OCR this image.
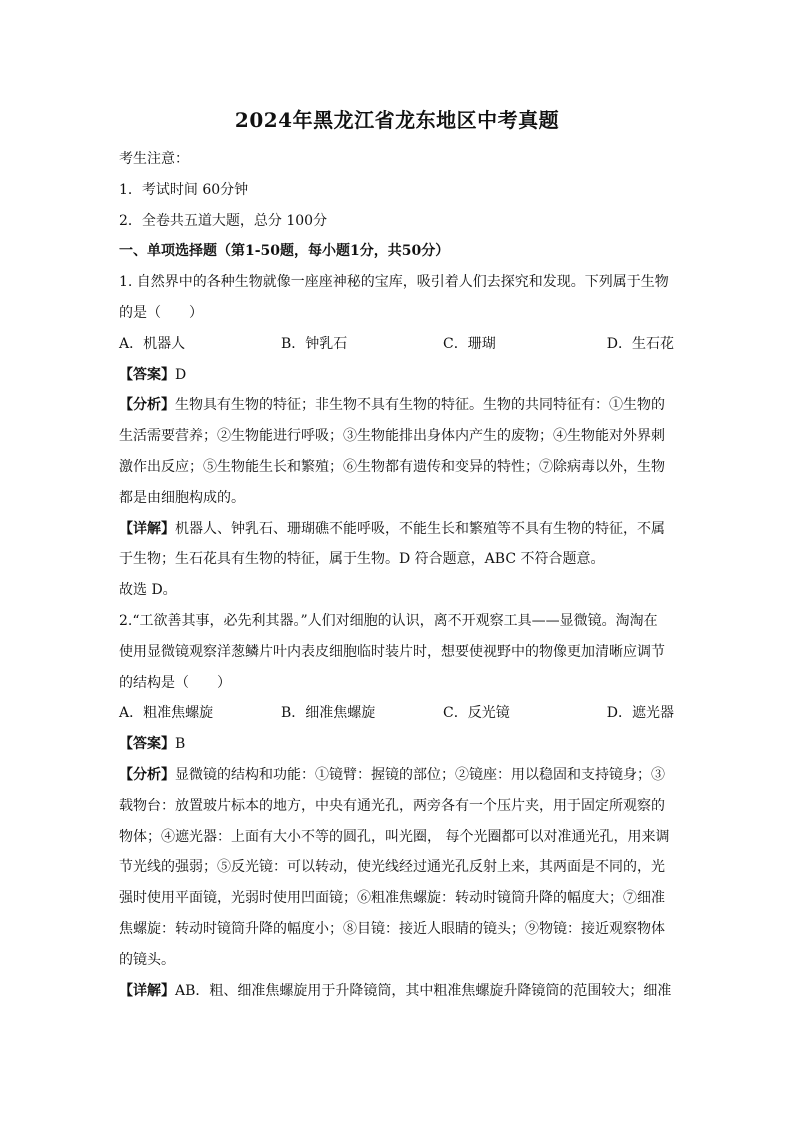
2024年黑龙江省龙东地区中考真题
考生注意：
1．考试时间 60分钟
2．全卷共五道大题，总分 100分
一、单项选择题（第1-50题，每小题1分，共50分）
1. 自然界中的各种生物就像一座座神秘的宝库，吸引着人们去探究和发现。下列属于生物
的是（　　）
A．机器人	B．钟乳石	C．珊瑚	D．生石花
【答案】D
【分析】生物具有生物的特征；非生物不具有生物的特征。生物的共同特征有：①生物的
生活需要营养；②生物能进行呼吸；③生物能排出身体内产生的废物；④生物能对外界刺
激作出反应；⑤生物能生长和繁殖；⑥生物都有遗传和变异的特性；⑦除病毒以外，生物
都是由细胞构成的。
【详解】机器人、钟乳石、珊瑚礁不能呼吸，不能生长和繁殖等不具有生物的特征，不属
于生物；生石花具有生物的特征，属于生物。D 符合题意，ABC 不符合题意。
故选 D。
2.“工欲善其事，必先利其器。”人们对细胞的认识，离不开观察工具——显微镜。淘淘在
使用显微镜观察洋葱鳞片叶内表皮细胞临时装片时，想要使视野中的物像更加清晰应调节
的结构是（　　）
A．粗准焦螺旋	B．细准焦螺旋	C．反光镜	D．遮光器
【答案】B
【分析】显微镜的结构和功能：①镜臂：握镜的部位；②镜座：用以稳固和支持镜身；③
载物台：放置玻片标本的地方，中央有通光孔，两旁各有一个压片夹，用于固定所观察的
物体；④遮光器：上面有大小不等的圆孔，叫光圈， 每个光圈都可以对准通光孔，用来调
节光线的强弱；⑤反光镜：可以转动，使光线经过通光孔反射上来，其两面是不同的，光
强时使用平面镜，光弱时使用凹面镜；⑥粗准焦螺旋：转动时镜筒升降的幅度大；⑦细准
焦螺旋：转动时镜筒升降的幅度小；⑧目镜：接近人眼睛的镜头；⑨物镜：接近观察物体
的镜头。
【详解】AB．粗、细准焦螺旋用于升降镜筒，其中粗准焦螺旋升降镜筒的范围较大；细准
